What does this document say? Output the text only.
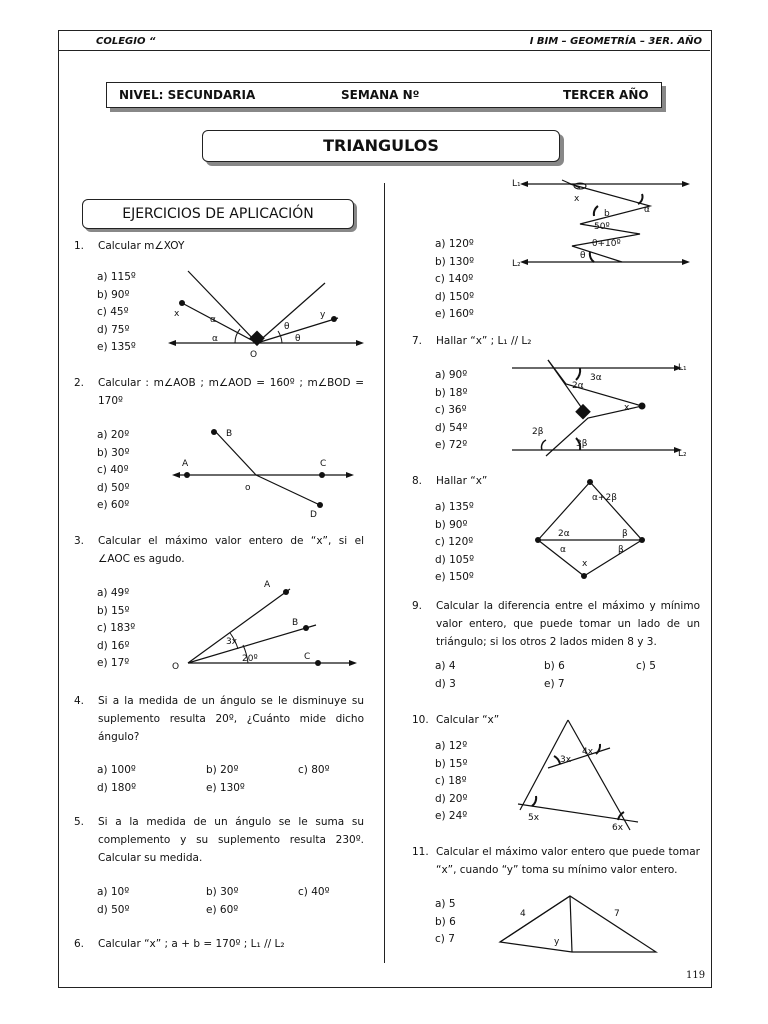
COLEGIO “	I BIM – GEOMETRÍA – 3ER. AÑO
NIVEL: SECUNDARIA	SEMANA Nº	TERCER AÑO
TRIANGULOS
EJERCICIOS DE APLICACIÓN
1. Calcular m∠XOY
a) 115º
b) 90º
c) 45º
d) 75º
e) 135º
x	y
α
α
θ
θ
O
2. Calcular : m∠AOB ; m∠AOD = 160º ; m∠BOD = 170º
a) 20º
b) 30º
c) 40º
d) 50º
e) 60º
A
B
C
D
o
3. Calcular el máximo valor entero de “x”, si el ∠AOC es agudo.
a) 49º
b) 15º
c) 183º
d) 16º
e) 17º
A
B
C
O
3x
20º
4. Si a la medida de un ángulo se le disminuye su suplemento resulta 20º, ¿Cuánto mide dicho ángulo?
a) 100º	b) 20º	c) 80º
d) 180º	e) 130º
5. Si a la medida de un ángulo se le suma su complemento y su suplemento resulta 230º. Calcular su medida.
a) 10º	b) 30º	c) 40º
d) 50º	e) 60º
6. Calcular “x” ; a + b = 170º ; L₁ // L₂
a) 120º
b) 130º
c) 140º
d) 150º
e) 160º
L₁
L₂
x
α
b
50º
θ+10º
θ
7. Hallar “x” ; L₁ // L₂
a) 90º
b) 18º
c) 36º
d) 54º
e) 72º
L₁
L₂
3α
2α
x
2β
3β
8. Hallar “x”
a) 135º
b) 90º
c) 120º
d) 105º
e) 150º
α+2β
2α	β
α	β
x
9. Calcular la diferencia entre el máximo y mínimo valor entero, que puede tomar un lado de un triángulo; si los otros 2 lados miden 8 y 3.
a) 4	b) 6	c) 5
d) 3	e) 7
10. Calcular “x”
a) 12º
b) 15º
c) 18º
d) 20º
e) 24º
3x
4x
5x
6x
11. Calcular el máximo valor entero que puede tomar “x”, cuando “y” toma su mínimo valor entero.
a) 5
b) 6
c) 7
4	7
y
119
